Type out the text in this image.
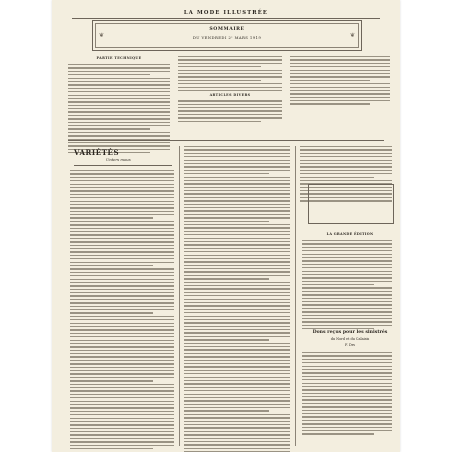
LA MODE ILLUSTRÉE
❦	❦
SOMMAIRE
DU VENDREDI 2ᵉ MARS 1919
PARTIE TECHNIQUE
ARTICLES DIVERS
VARIÉTÉS
Unters mous
LA GRANDE ÉDITION
Dons reçus pour les sinistrés
du Nord et du Calaisis
F. Drs
